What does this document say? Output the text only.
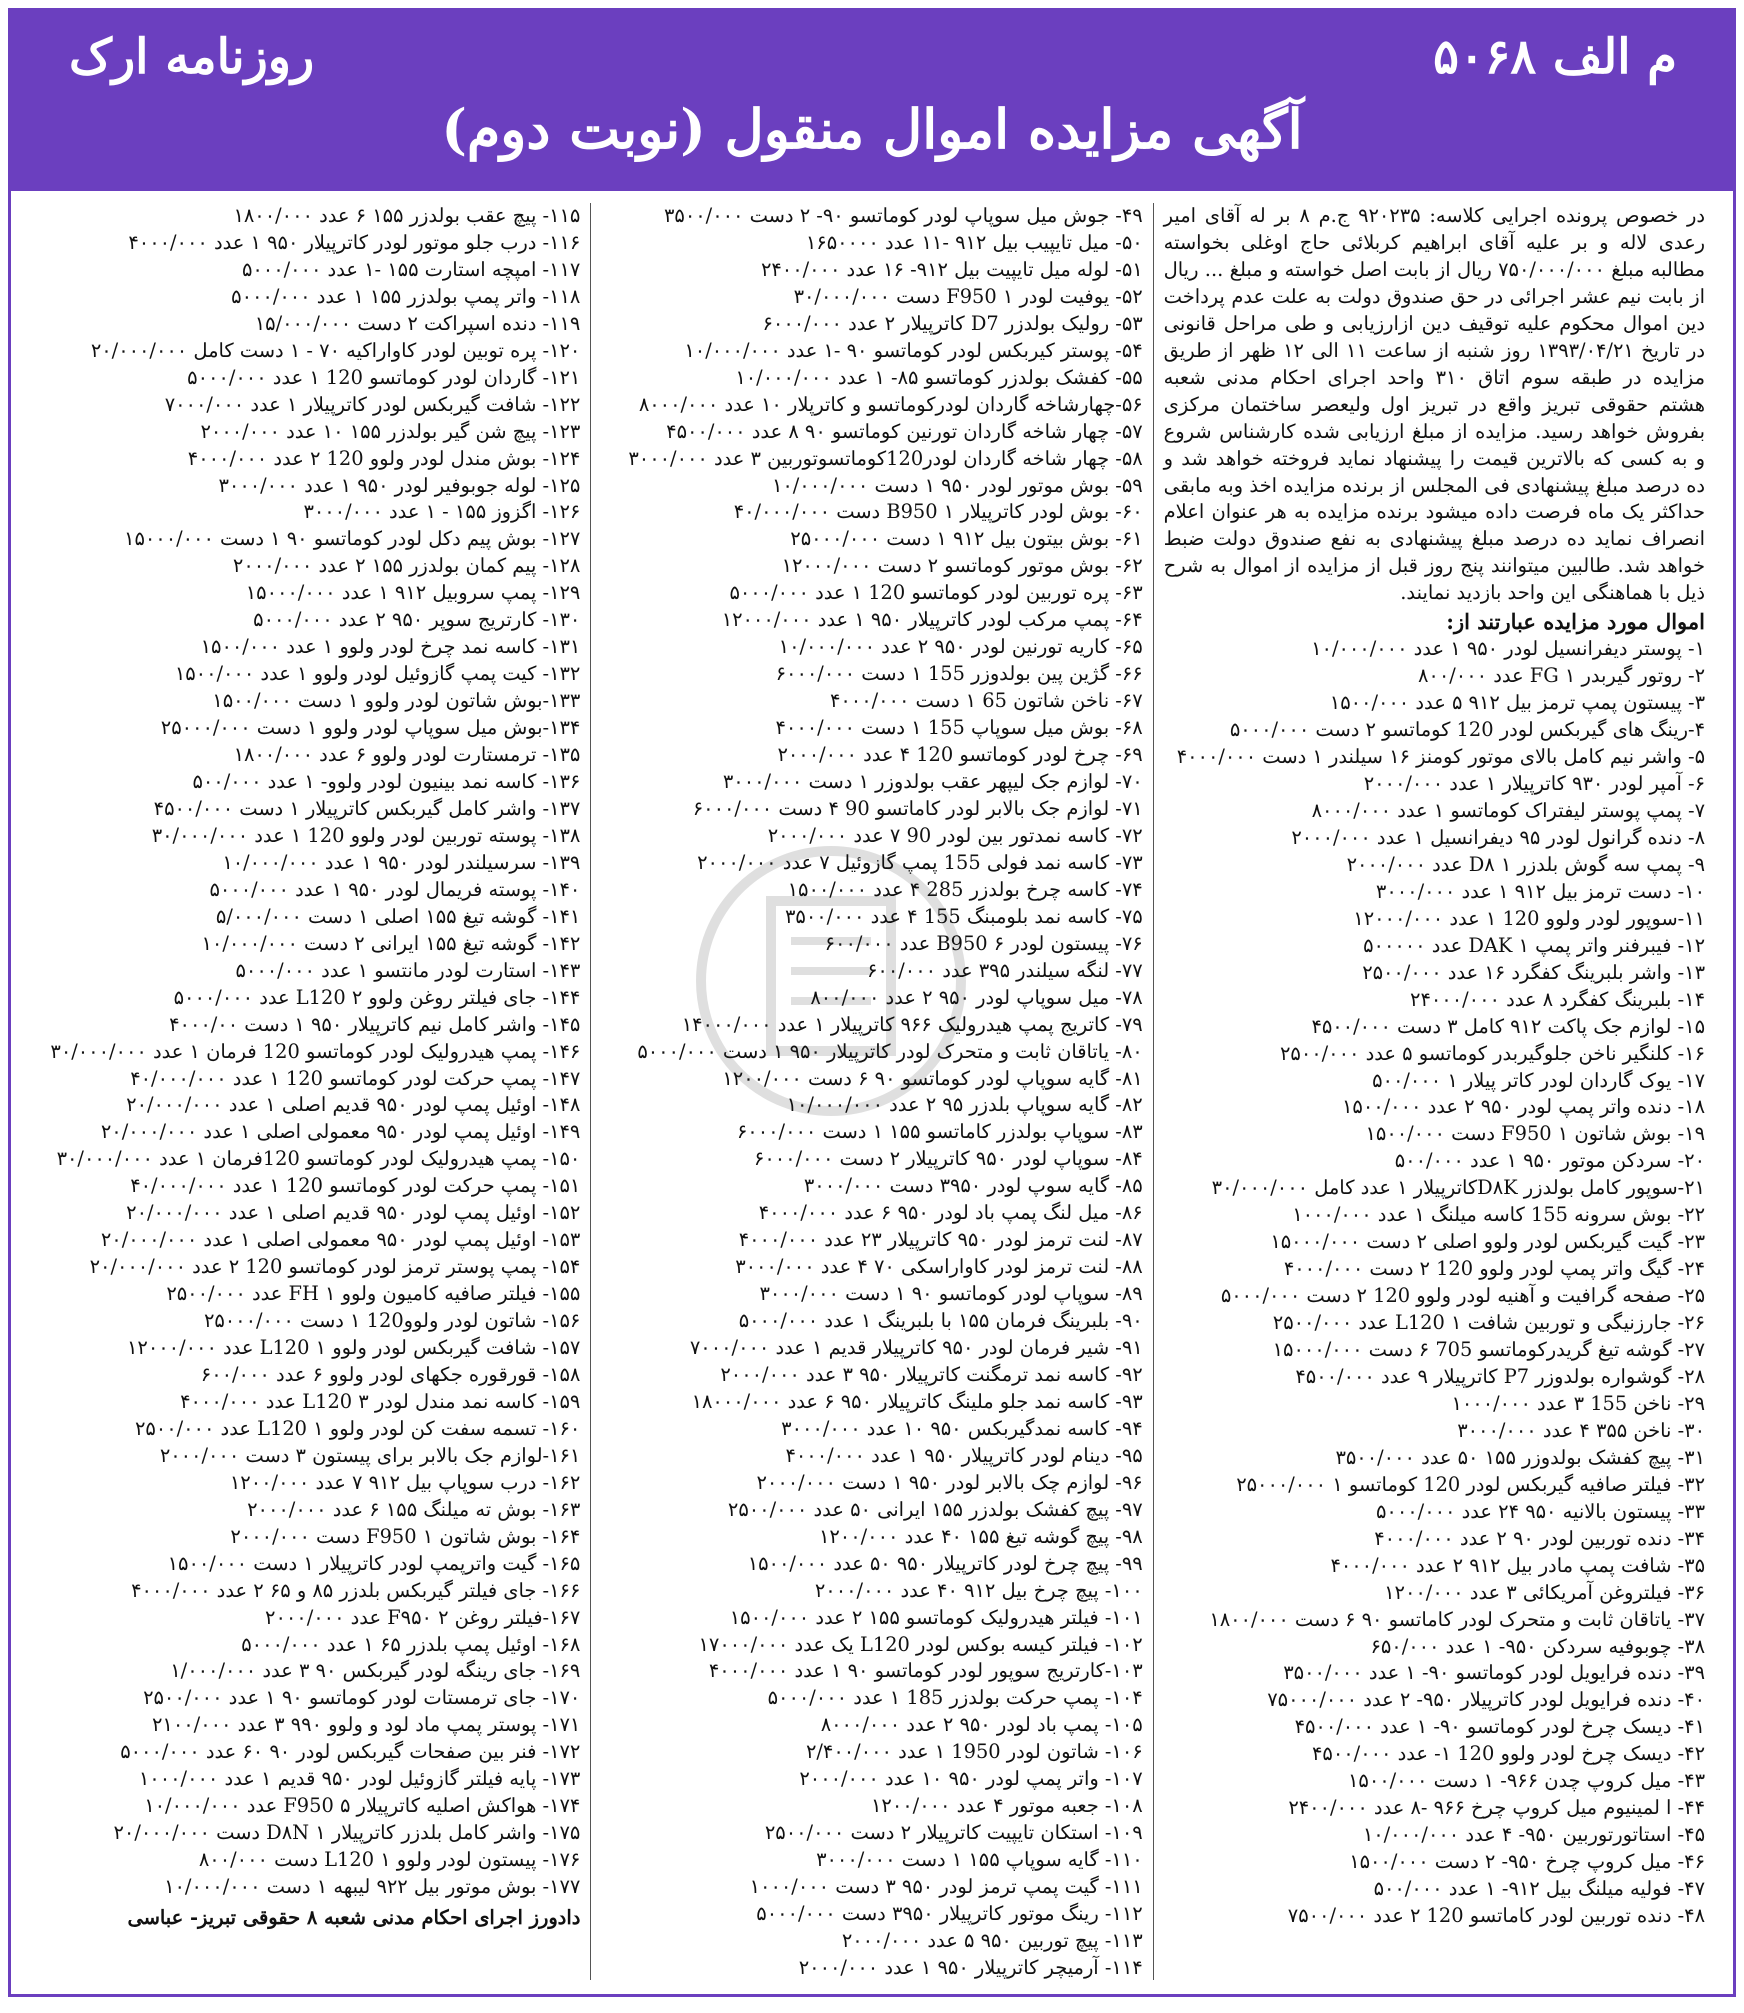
م الف ۵۰۶۸
روزنامه ارک
آگهی مزایده اموال منقول (نوبت دوم)
در خصوص پرونده اجرایی کلاسه: ۹۲۰۲۳۵ ج.م ۸ بر له آقای امیر رعدی لاله و بر علیه آقای ابراهیم کربلائی حاج اوغلی بخواسته مطالبه مبلغ ۷۵۰/۰۰۰/۰۰۰ ریال از بابت اصل خواسته و مبلغ ... ریال از بابت نیم عشر اجرائی در حق صندوق دولت به علت عدم پرداخت دین اموال محکوم علیه توقیف دین ازارزیابی و طی مراحل قانونی در تاریخ ۱۳۹۳/۰۴/۲۱ روز شنبه از ساعت ۱۱ الی ۱۲ ظهر از طریق مزایده در طبقه سوم اتاق ۳۱۰ واحد اجرای احکام مدنی شعبه هشتم حقوقی تبریز واقع در تبریز اول ولیعصر ساختمان مرکزی بفروش خواهد رسید. مزایده از مبلغ ارزیابی شده کارشناس شروع و به کسی که بالاترین قیمت را پیشنهاد نماید فروخته خواهد شد و ده درصد مبلغ پیشنهادی فی المجلس از برنده مزایده اخذ وبه مابقی حداکثر یک ماه فرصت داده میشود برنده مزایده به هر عنوان اعلام انصراف نماید ده درصد مبلغ پیشنهادی به نفع صندوق دولت ضبط خواهد شد. طالبین میتوانند پنج روز قبل از مزایده از اموال به شرح ذیل با هماهنگی این واحد بازدید نمایند.
اموال مورد مزایده عبارتند از:
۱- پوستر دیفرانسیل لودر ۹۵۰ ۱ عدد ۱۰/۰۰۰/۰۰۰
۲- روتور گیربدر FG ۱ عدد ۸۰۰/۰۰۰
۳- پیستون پمپ ترمز بیل ۹۱۲ ۵ عدد ۱۵۰۰/۰۰۰
۴-رینگ های گیربکس لودر 120 کوماتسو ۲ دست ۵۰۰۰/۰۰۰
۵- واشر نیم کامل بالای موتور کومنز ۱۶ سیلندر ۱ دست ۴۰۰۰/۰۰۰
۶- آمپر لودر ۹۳۰ کاترپیلار ۱ عدد ۲۰۰۰/۰۰۰
۷- پمپ پوستر لیفتراک کوماتسو ۱ عدد ۸۰۰۰/۰۰۰
۸- دنده گرانول لودر ۹۵ دیفرانسیل ۱ عدد ۲۰۰۰/۰۰۰
۹- پمپ سه گوش بلدزر D۸ ۱ عدد ۲۰۰۰/۰۰۰
۱۰- دست ترمز بیل ۹۱۲ ۱ عدد ۳۰۰۰/۰۰۰
۱۱-سوپور لودر ولوو 120 ۱ عدد ۱۲۰۰۰/۰۰۰
۱۲- فیبرفنر واتر پمپ DAK ۱ عدد ۵۰۰۰۰۰
۱۳- واشر بلبرینگ کفگرد ۱۶ عدد ۲۵۰۰/۰۰۰
۱۴- بلبرینگ کفگرد ۸ عدد ۲۴۰۰۰/۰۰۰
۱۵- لوازم جک پاکت ۹۱۲ کامل ۳ دست ۴۵۰۰/۰۰۰
۱۶- کلنگیر ناخن جلوگیربدر کوماتسو ۵ عدد ۲۵۰۰/۰۰۰
۱۷- یوک گاردان لودر کاتر پیلار ۱ ۵۰۰/۰۰۰
۱۸- دنده واتر پمپ لودر ۹۵۰ ۲ عدد ۱۵۰۰/۰۰۰
۱۹- بوش شاتون F950 ۱ دست ۱۵۰۰/۰۰۰
۲۰- سردکن موتور ۹۵۰ ۱ عدد ۵۰۰/۰۰۰
۲۱-سوپور کامل بولدزر D۸Kکاترپیلار ۱ عدد کامل ۳۰/۰۰۰/۰۰۰
۲۲- بوش سرونه 155 کاسه میلنگ ۱ عدد ۱۰۰۰/۰۰۰
۲۳- گیت گیربکس لودر ولوو اصلی ۲ دست ۱۵۰۰۰/۰۰۰
۲۴- گیگ واتر پمپ لودر ولوو 120 ۲ دست ۴۰۰۰/۰۰۰
۲۵- صفحه گرافیت و آهنیه لودر ولوو 120 ۲ دست ۵۰۰۰/۰۰۰
۲۶- جارزنیگی و توربین شافت L120 ۱ عدد ۲۵۰۰/۰۰۰
۲۷- گوشه تیغ گریدرکوماتسو 705 ۶ دست ۱۵۰۰۰/۰۰۰
۲۸- گوشواره بولدوزر P7 کاترپیلار ۹ عدد ۴۵۰۰/۰۰۰
۲۹- ناخن 155 ۳ عدد ۱۰۰۰/۰۰۰
۳۰- ناخن ۳۵۵ ۴ عدد ۳۰۰۰/۰۰۰
۳۱- پیچ کفشک بولدوزر ۱۵۵ ۵۰ عدد ۳۵۰۰/۰۰۰
۳۲- فیلتر صافیه گیربکس لودر 120 کوماتسو ۱ ۲۵۰۰۰/۰۰۰
۳۳- پیستون بالانیه ۹۵۰ ۲۴ عدد ۵۰۰۰/۰۰۰
۳۴- دنده توربین لودر ۹۰ ۲ عدد ۴۰۰۰/۰۰۰
۳۵- شافت پمپ مادر بیل ۹۱۲ ۲ عدد ۴۰۰۰/۰۰۰
۳۶- فیلتروغن آمریکائی ۳ عدد ۱۲۰۰/۰۰۰
۳۷- یاتاقان ثابت و متحرک لودر کاماتسو ۹۰ ۶ دست ۱۸۰۰/۰۰۰
۳۸- چوبوفیه سردکن ۹۵۰- ۱ عدد ۶۵۰/۰۰۰
۳۹- دنده فرایویل لودر کوماتسو ۹۰- ۱ عدد ۳۵۰۰/۰۰۰
۴۰- دنده فرایویل لودر کاترپیلار ۹۵۰- ۲ عدد ۷۵۰۰۰/۰۰۰
۴۱- دیسک چرخ لودر کوماتسو ۹۰- ۱ عدد ۴۵۰۰/۰۰۰
۴۲- دیسک چرخ لودر ولوو 120 ۱- عدد ۴۵۰۰/۰۰۰
۴۳- میل کروپ چدن ۹۶۶- ۱ دست ۱۵۰۰/۰۰۰
۴۴- ا لمینیوم میل کروپ چرخ ۹۶۶ -۸ عدد ۲۴۰۰/۰۰۰
۴۵- استاتورتوربین ۹۵۰- ۴ عدد ۱۰/۰۰۰/۰۰۰
۴۶- میل کروپ چرخ ۹۵۰- ۲ دست ۱۵۰۰/۰۰۰
۴۷- فولیه میلنگ بیل ۹۱۲- ۱ عدد ۵۰۰/۰۰۰
۴۸- دنده توربین لودر کاماتسو 120 ۲ عدد ۷۵۰۰/۰۰۰
۴۹- جوش میل سوپاپ لودر کوماتسو ۹۰- ۲ دست ۳۵۰۰/۰۰۰
۵۰- میل تایپیب بیل ۹۱۲ -۱۱ عدد ۱۶۵۰۰۰۰
۵۱- لوله میل تایپیت بیل ۹۱۲- ۱۶ عدد ۲۴۰۰/۰۰۰
۵۲- یوفیت لودر F950 ۱ دست ۳۰/۰۰۰/۰۰۰
۵۳- رولیک بولدزر D7 کاترپیلار ۲ عدد ۶۰۰۰/۰۰۰
۵۴- پوستر کیربکس لودر کوماتسو ۹۰ -۱ عدد ۱۰/۰۰۰/۰۰۰
۵۵- کفشک بولدزر کوماتسو ۸۵- ۱ عدد ۱۰/۰۰۰/۰۰۰
۵۶-چهارشاخه گاردان لودرکوماتسو و کاترپلار ۱۰ عدد ۸۰۰۰/۰۰۰
۵۷- چهار شاخه گاردان تورنین کوماتسو ۹۰ ۸ عدد ۴۵۰۰/۰۰۰
۵۸- چهار شاخه گاردان لودر120کوماتسوتوربین ۳ عدد ۳۰۰۰/۰۰۰
۵۹- بوش موتور لودر ۹۵۰ ۱ دست ۱۰/۰۰۰/۰۰۰
۶۰- بوش لودر کاترپیلار B950 ۱ دست ۴۰/۰۰۰/۰۰۰
۶۱- بوش بیتون بیل ۹۱۲ ۱ دست ۲۵۰۰۰/۰۰۰
۶۲- بوش موتور کوماتسو ۲ دست ۱۲۰۰۰/۰۰۰
۶۳- پره توربین لودر کوماتسو 120 ۱ عدد ۵۰۰۰/۰۰۰
۶۴- پمپ مرکب لودر کاترپیلار ۹۵۰ ۱ عدد ۱۲۰۰۰/۰۰۰
۶۵- کاریه تورنین لودر ۹۵۰ ۲ عدد ۱۰/۰۰۰/۰۰۰
۶۶- گژین پین بولدوزر 155 ۱ دست ۶۰۰۰/۰۰۰
۶۷- ناخن شاتون 65 ۱ دست ۴۰۰۰/۰۰۰
۶۸- بوش میل سوپاپ 155 ۱ دست ۴۰۰۰/۰۰۰
۶۹- چرخ لودر کوماتسو 120 ۴ عدد ۲۰۰۰/۰۰۰
۷۰- لوازم جک لیپهر عقب بولدوزر ۱ دست ۳۰۰۰/۰۰۰
۷۱- لوازم جک بالابر لودر کاماتسو 90 ۴ دست ۶۰۰۰/۰۰۰
۷۲- کاسه نمدتور بین لودر 90 ۷ عدد ۲۰۰۰/۰۰۰
۷۳- کاسه نمد فولی 155 پمپ گازوئیل ۷ عدد ۲۰۰۰/۰۰۰
۷۴- کاسه چرخ بولدزر 285 ۴ عدد ۱۵۰۰/۰۰۰
۷۵- کاسه نمد بلومبنگ 155 ۴ عدد ۳۵۰۰/۰۰۰
۷۶- پیستون لودر B950 ۶ عدد ۶۰۰/۰۰۰
۷۷- لنگه سیلندر ۳۹۵ عدد ۶۰۰/۰۰۰
۷۸- میل سوپاپ لودر ۹۵۰ ۲ عدد ۸۰۰/۰۰۰
۷۹- کاتریج پمپ هیدرولیک ۹۶۶ کاترپیلار ۱ عدد ۱۴۰۰۰/۰۰۰
۸۰- یاتاقان ثابت و متحرک لودر کاترپیلار ۹۵۰ ۱ دست ۵۰۰۰/۰۰۰
۸۱- گایه سوپاپ لودر کوماتسو ۹۰ ۶ دست ۱۲۰۰/۰۰۰
۸۲- گایه سوپاپ بلدزر ۹۵ ۲ عدد ۱۰/۰۰۰/۰۰۰
۸۳- سوپاپ بولدزر کاماتسو ۱۵۵ ۱ دست ۶۰۰۰/۰۰۰
۸۴- سوپاپ لودر ۹۵۰ کاترپیلار ۲ دست ۶۰۰۰/۰۰۰
۸۵- گایه سوپ لودر ۳۹۵۰ دست ۳۰۰۰/۰۰۰
۸۶- میل لنگ پمپ باد لودر ۹۵۰ ۶ عدد ۴۰۰۰/۰۰۰
۸۷- لنت ترمز لودر ۹۵۰ کاترپیلار ۲۳ عدد ۴۰۰۰/۰۰۰
۸۸- لنت ترمز لودر کاواراسکی ۷۰ ۴ عدد ۳۰۰۰/۰۰۰
۸۹- سوپاپ لودر کوماتسو ۹۰ ۱ دست ۳۰۰۰/۰۰۰
۹۰- بلبرینگ فرمان ۱۵۵ با بلبرینگ ۱ عدد ۵۰۰۰/۰۰۰
۹۱- شیر فرمان لودر ۹۵۰ کاترپیلار قدیم ۱ عدد ۷۰۰۰/۰۰۰
۹۲- کاسه نمد ترمگنت کاترپیلار ۹۵۰ ۳ عدد ۲۰۰۰/۰۰۰
۹۳- کاسه نمد جلو ملینگ کاترپیلار ۹۵۰ ۶ عدد ۱۸۰۰۰/۰۰۰
۹۴- کاسه نمدگیربکس ۹۵۰ ۱۰ عدد ۳۰۰۰/۰۰۰
۹۵- دینام لودر کاترپیلار ۹۵۰ ۱ عدد ۴۰۰۰/۰۰۰
۹۶- لوازم چک بالابر لودر ۹۵۰ ۱ دست ۲۰۰۰/۰۰۰
۹۷- پیچ کفشک بولدزر ۱۵۵ ایرانی ۵۰ عدد ۲۵۰۰/۰۰۰
۹۸- پیچ گوشه تیغ ۱۵۵ ۴۰ عدد ۱۲۰۰/۰۰۰
۹۹- پیچ چرخ لودر کاترپیلار ۹۵۰ ۵۰ عدد ۱۵۰۰/۰۰۰
۱۰۰- پیچ چرخ بیل ۹۱۲ ۴۰ عدد ۲۰۰۰/۰۰۰
۱۰۱- فیلتر هیدرولیک کوماتسو ۱۵۵ ۲ عدد ۱۵۰۰/۰۰۰
۱۰۲- فیلتر کیسه بوکس لودر L120 یک عدد ۱۷۰۰۰/۰۰۰
۱۰۳-کارتریج سوپور لودر کوماتسو ۹۰ ۱ عدد ۴۰۰۰/۰۰۰
۱۰۴- پمپ حرکت بولدزر 185 ۱ عدد ۵۰۰۰/۰۰۰
۱۰۵- پمپ باد لودر ۹۵۰ ۲ عدد ۸۰۰۰/۰۰۰
۱۰۶- شاتون لودر 1950 ۱ عدد ۲/۴۰۰/۰۰۰
۱۰۷- واتر پمپ لودر ۹۵۰ ۱۰ عدد ۲۰۰۰/۰۰۰
۱۰۸- جعبه موتور ۴ عدد ۱۲۰۰/۰۰۰
۱۰۹- استکان تایپیت کاترپیلار ۲ دست ۲۵۰۰/۰۰۰
۱۱۰- گایه سوپاپ ۱۵۵ ۱ دست ۳۰۰۰/۰۰۰
۱۱۱- گیت پمپ ترمز لودر ۹۵۰ ۳ دست ۱۰۰۰/۰۰۰
۱۱۲- رینگ موتور کاترپیلار ۳۹۵۰ دست ۵۰۰۰/۰۰۰
۱۱۳- پیچ توربین ۹۵۰ ۵ عدد ۲۰۰۰/۰۰۰
۱۱۴- آرمیچر کاترپیلار ۹۵۰ ۱ عدد ۲۰۰۰/۰۰۰
۱۱۵- پیچ عقب بولدزر ۱۵۵ ۶ عدد ۱۸۰۰/۰۰۰
۱۱۶- درب جلو موتور لودر کاترپیلار ۹۵۰ ۱ عدد ۴۰۰۰/۰۰۰
۱۱۷- امپچه استارت ۱۵۵ -۱ عدد ۵۰۰۰/۰۰۰
۱۱۸- واتر پمپ بولدزر ۱۵۵ ۱ عدد ۵۰۰۰/۰۰۰
۱۱۹- دنده اسپراکت ۲ دست ۱۵/۰۰۰/۰۰۰
۱۲۰- پره توبین لودر کاواراکیه ۷۰ - ۱ دست کامل ۲۰/۰۰۰/۰۰۰
۱۲۱- گاردان لودر کوماتسو 120 ۱ عدد ۵۰۰۰/۰۰۰
۱۲۲- شافت گیربکس لودر کاترپیلار ۱ عدد ۷۰۰۰/۰۰۰
۱۲۳- پیچ شن گیر بولدزر ۱۵۵ ۱۰ عدد ۲۰۰۰/۰۰۰
۱۲۴- بوش مندل لودر ولوو 120 ۲ عدد ۴۰۰۰/۰۰۰
۱۲۵- لوله جوبوفیر لودر ۹۵۰ ۱ عدد ۳۰۰۰/۰۰۰
۱۲۶- اگزوز ۱۵۵ - ۱ عدد ۳۰۰۰/۰۰۰
۱۲۷- بوش پیم دکل لودر کوماتسو ۹۰ ۱ دست ۱۵۰۰۰/۰۰۰
۱۲۸- پیم کمان بولدزر ۱۵۵ ۲ عدد ۲۰۰۰/۰۰۰
۱۲۹- پمپ سروبیل ۹۱۲ ۱ عدد ۱۵۰۰۰/۰۰۰
۱۳۰- کارتریج سوپر ۹۵۰ ۲ عدد ۵۰۰۰/۰۰۰
۱۳۱- کاسه نمد چرخ لودر ولوو ۱ عدد ۱۵۰۰/۰۰۰
۱۳۲- کیت پمپ گازوئیل لودر ولوو ۱ عدد ۱۵۰۰/۰۰۰
۱۳۳-بوش شاتون لودر ولوو ۱ دست ۱۵۰۰/۰۰۰
۱۳۴-بوش میل سوپاپ لودر ولوو ۱ دست ۲۵۰۰۰/۰۰۰
۱۳۵- ترمستارت لودر ولوو ۶ عدد ۱۸۰۰/۰۰۰
۱۳۶- کاسه نمد بینیون لودر ولوو- ۱ عدد ۵۰۰/۰۰۰
۱۳۷- واشر کامل گیربکس کاترپیلار ۱ دست ۴۵۰۰/۰۰۰
۱۳۸- پوسته توربین لودر ولوو 120 ۱ عدد ۳۰/۰۰۰/۰۰۰
۱۳۹- سرسیلندر لودر ۹۵۰ ۱ عدد ۱۰/۰۰۰/۰۰۰
۱۴۰- پوسته فریمال لودر ۹۵۰ ۱ عدد ۵۰۰۰/۰۰۰
۱۴۱- گوشه تیغ ۱۵۵ اصلی ۱ دست ۵/۰۰۰/۰۰۰
۱۴۲- گوشه تیغ ۱۵۵ ایرانی ۲ دست ۱۰/۰۰۰/۰۰۰
۱۴۳- استارت لودر مانتسو ۱ عدد ۵۰۰۰/۰۰۰
۱۴۴- جای فیلتر روغن ولوو L120 ۲ عدد ۵۰۰۰/۰۰۰
۱۴۵- واشر کامل نیم کاترپیلار ۹۵۰ ۱ دست ۴۰۰۰/۰۰
۱۴۶- پمپ هیدرولیک لودر کوماتسو 120 فرمان ۱ عدد ۳۰/۰۰۰/۰۰۰
۱۴۷- پمپ حرکت لودر کوماتسو 120 ۱ عدد ۴۰/۰۰۰/۰۰۰
۱۴۸- اوئیل پمپ لودر ۹۵۰ قدیم اصلی ۱ عدد ۲۰/۰۰۰/۰۰۰
۱۴۹- اوئیل پمپ لودر ۹۵۰ معمولی اصلی ۱ عدد ۲۰/۰۰۰/۰۰۰
۱۵۰- پمپ هیدرولیک لودر کوماتسو 120فرمان ۱ عدد ۳۰/۰۰۰/۰۰۰
۱۵۱- پمپ حرکت لودر کوماتسو 120 ۱ عدد ۴۰/۰۰۰/۰۰۰
۱۵۲- اوئیل پمپ لودر ۹۵۰ قدیم اصلی ۱ عدد ۲۰/۰۰۰/۰۰۰
۱۵۳- اوئیل پمپ لودر ۹۵۰ معمولی اصلی ۱ عدد ۲۰/۰۰۰/۰۰۰
۱۵۴- پمپ پوستر ترمز لودر کوماتسو 120 ۲ عدد ۲۰/۰۰۰/۰۰۰
۱۵۵- فیلتر صافیه کامیون ولوو FH ۱ عدد ۲۵۰۰/۰۰۰
۱۵۶- شاتون لودر ولوو120 ۱ دست ۲۵۰۰۰/۰۰۰
۱۵۷- شافت گیربکس لودر ولوو L120 ۱ عدد ۱۲۰۰۰/۰۰۰
۱۵۸- قورقوره جکهای لودر ولوو ۶ عدد ۶۰۰/۰۰۰
۱۵۹- کاسه نمد مندل لودر L120 ۳ عدد ۴۰۰۰/۰۰۰
۱۶۰- تسمه سفت کن لودر ولوو L120 ۱ عدد ۲۵۰۰/۰۰۰
۱۶۱-لوازم جک بالابر برای پیستون ۳ دست ۲۰۰۰/۰۰۰
۱۶۲- درب سوپاپ بیل ۹۱۲ ۷ عدد ۱۲۰۰/۰۰۰
۱۶۳- بوش ته میلنگ ۱۵۵ ۶ عدد ۲۰۰۰/۰۰۰
۱۶۴- بوش شاتون F950 ۱ دست ۲۰۰۰/۰۰۰
۱۶۵- گیت واترپمپ لودر کاترپیلار ۱ دست ۱۵۰۰/۰۰۰
۱۶۶- جای فیلتر گیربکس بلدزر ۸۵ و ۶۵ ۲ عدد ۴۰۰۰/۰۰۰
۱۶۷-فیلتر روغن F۹۵۰ ۲ عدد ۲۰۰۰/۰۰۰
۱۶۸- اوئیل پمپ بلدزر ۶۵ ۱ عدد ۵۰۰۰/۰۰۰
۱۶۹- جای رینگه لودر گیربکس ۹۰ ۳ عدد ۱/۰۰۰/۰۰۰
۱۷۰- جای ترمستات لودر کوماتسو ۹۰ ۱ عدد ۲۵۰۰/۰۰۰
۱۷۱- پوستر پمپ ماد لود و ولوو ۹۹۰ ۳ عدد ۲۱۰۰/۰۰۰
۱۷۲- فنر بین صفحات گیربکس لودر ۹۰ ۶۰ عدد ۵۰۰۰/۰۰۰
۱۷۳- پایه فیلتر گازوئیل لودر ۹۵۰ قدیم ۱ عدد ۱۰۰۰/۰۰۰
۱۷۴- هواکش اصلیه کاترپیلار F950 ۵ عدد ۱۰/۰۰۰/۰۰۰
۱۷۵- واشر کامل بلدزر کاترپیلار D۸N ۱ دست ۲۰/۰۰۰/۰۰۰
۱۷۶- پیستون لودر ولوو L120 ۱ دست ۸۰۰/۰۰۰
۱۷۷- بوش موتور بیل ۹۲۲ لیبهه ۱ دست ۱۰/۰۰۰/۰۰۰
دادورز اجرای احکام مدنی شعبه ۸ حقوقی تبریز- عباسی
